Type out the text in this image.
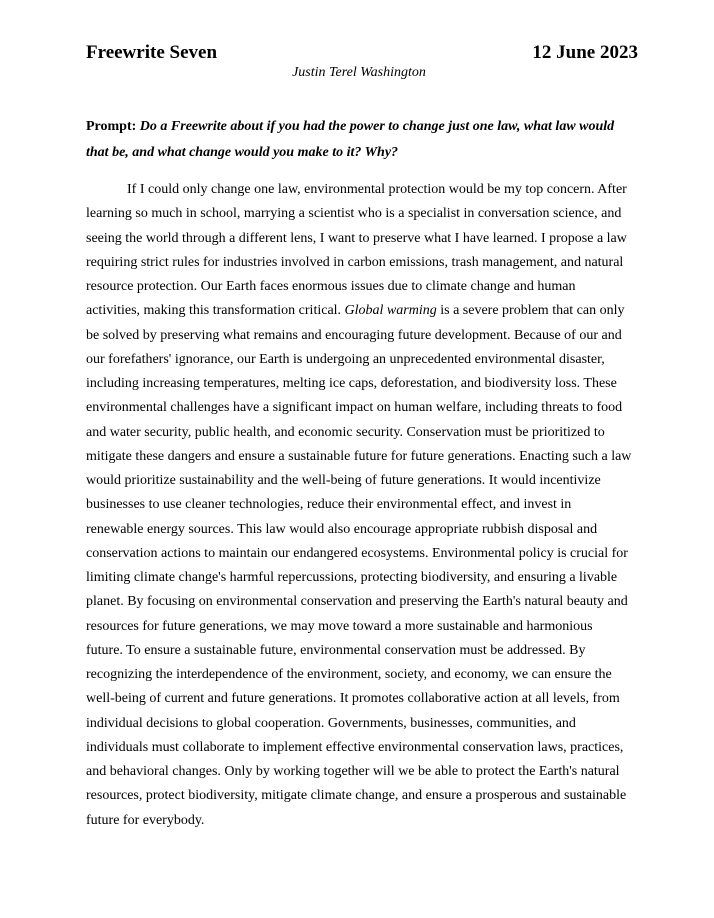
Freewrite Seven	12 June 2023
Justin Terel Washington
Prompt: Do a Freewrite about if you had the power to change just one law, what law would that be, and what change would you make to it? Why?
If I could only change one law, environmental protection would be my top concern. After
learning so much in school, marrying a scientist who is a specialist in conversation science, and
seeing the world through a different lens, I want to preserve what I have learned. I propose a law
requiring strict rules for industries involved in carbon emissions, trash management, and natural
resource protection. Our Earth faces enormous issues due to climate change and human
activities, making this transformation critical. Global warming is a severe problem that can only
be solved by preserving what remains and encouraging future development. Because of our and
our forefathers' ignorance, our Earth is undergoing an unprecedented environmental disaster,
including increasing temperatures, melting ice caps, deforestation, and biodiversity loss. These
environmental challenges have a significant impact on human welfare, including threats to food
and water security, public health, and economic security. Conservation must be prioritized to
mitigate these dangers and ensure a sustainable future for future generations. Enacting such a law
would prioritize sustainability and the well-being of future generations. It would incentivize
businesses to use cleaner technologies, reduce their environmental effect, and invest in
renewable energy sources. This law would also encourage appropriate rubbish disposal and
conservation actions to maintain our endangered ecosystems. Environmental policy is crucial for
limiting climate change's harmful repercussions, protecting biodiversity, and ensuring a livable
planet. By focusing on environmental conservation and preserving the Earth's natural beauty and
resources for future generations, we may move toward a more sustainable and harmonious
future. To ensure a sustainable future, environmental conservation must be addressed. By
recognizing the interdependence of the environment, society, and economy, we can ensure the
well-being of current and future generations. It promotes collaborative action at all levels, from
individual decisions to global cooperation. Governments, businesses, communities, and
individuals must collaborate to implement effective environmental conservation laws, practices,
and behavioral changes. Only by working together will we be able to protect the Earth's natural
resources, protect biodiversity, mitigate climate change, and ensure a prosperous and sustainable
future for everybody.
